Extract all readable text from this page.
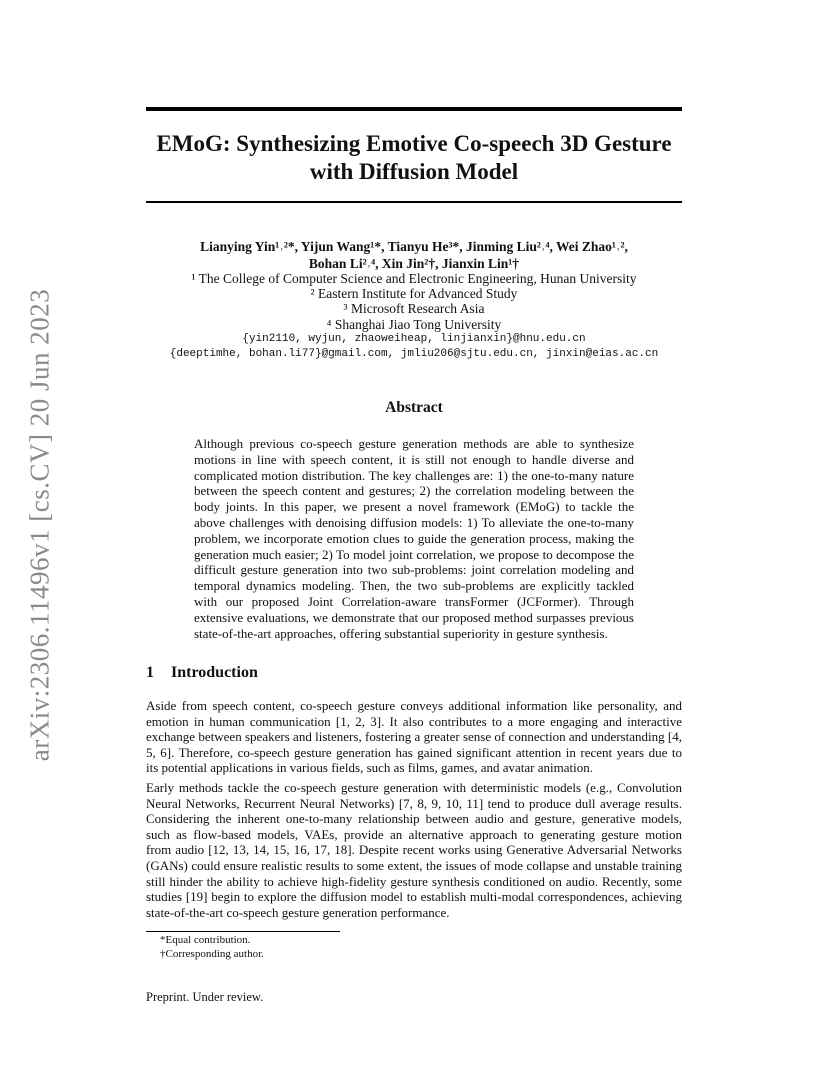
arXiv:2306.11496v1 [cs.CV] 20 Jun 2023
EMoG: Synthesizing Emotive Co-speech 3D Gesture
with Diffusion Model
Lianying Yin¹˒²*, Yijun Wang¹*, Tianyu He³*, Jinming Liu²˒⁴, Wei Zhao¹˒²,
Bohan Li²˒⁴, Xin Jin²†, Jianxin Lin¹†
¹ The College of Computer Science and Electronic Engineering, Hunan University
² Eastern Institute for Advanced Study
³ Microsoft Research Asia
⁴ Shanghai Jiao Tong University
{yin2110, wyjun, zhaoweiheap, linjianxin}@hnu.edu.cn
{deeptimhe, bohan.li77}@gmail.com, jmliu206@sjtu.edu.cn, jinxin@eias.ac.cn
Abstract
Although previous co-speech gesture generation methods are able to synthesize
motions in line with speech content, it is still not enough to handle diverse and
complicated motion distribution. The key challenges are: 1) the one-to-many nature
between the speech content and gestures; 2) the correlation modeling between the
body joints. In this paper, we present a novel framework (EMoG) to tackle the
above challenges with denoising diffusion models: 1) To alleviate the one-to-many
problem, we incorporate emotion clues to guide the generation process, making the
generation much easier; 2) To model joint correlation, we propose to decompose the
difficult gesture generation into two sub-problems: joint correlation modeling and
temporal dynamics modeling. Then, the two sub-problems are explicitly tackled
with our proposed Joint Correlation-aware transFormer (JCFormer). Through
extensive evaluations, we demonstrate that our proposed method surpasses previous
state-of-the-art approaches, offering substantial superiority in gesture synthesis.
1 Introduction
Aside from speech content, co-speech gesture conveys additional information like personality, and
emotion in human communication [1, 2, 3]. It also contributes to a more engaging and interactive
exchange between speakers and listeners, fostering a greater sense of connection and understanding [4,
5, 6]. Therefore, co-speech gesture generation has gained significant attention in recent years due to
its potential applications in various fields, such as films, games, and avatar animation.
Early methods tackle the co-speech gesture generation with deterministic models (e.g., Convolution
Neural Networks, Recurrent Neural Networks) [7, 8, 9, 10, 11] tend to produce dull average results.
Considering the inherent one-to-many relationship between audio and gesture, generative models,
such as flow-based models, VAEs, provide an alternative approach to generating gesture motion
from audio [12, 13, 14, 15, 16, 17, 18]. Despite recent works using Generative Adversarial Networks
(GANs) could ensure realistic results to some extent, the issues of mode collapse and unstable training
still hinder the ability to achieve high-fidelity gesture synthesis conditioned on audio. Recently, some
studies [19] begin to explore the diffusion model to establish multi-modal correspondences, achieving
state-of-the-art co-speech gesture generation performance.
*Equal contribution.
†Corresponding author.
Preprint. Under review.
